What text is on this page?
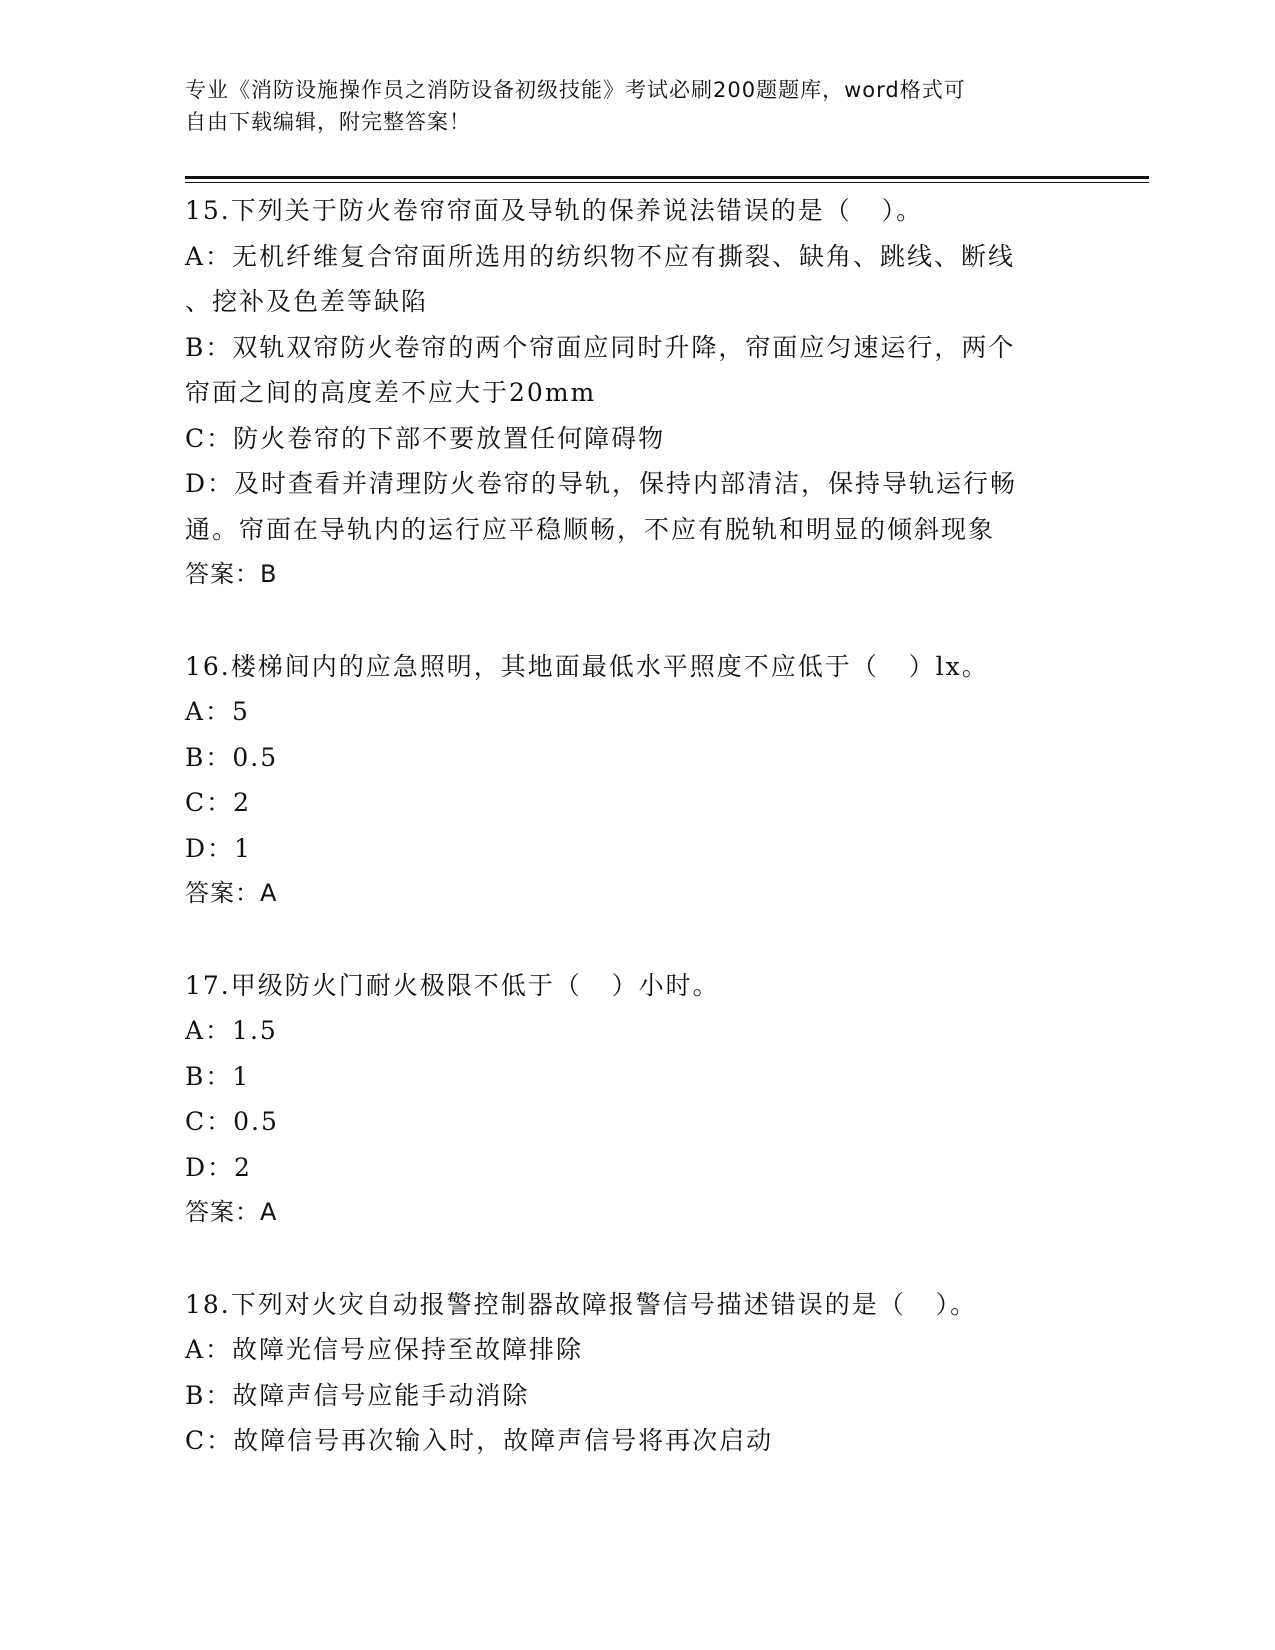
专业《消防设施操作员之消防设备初级技能》考试必刷200题题库，word格式可
自由下载编辑，附完整答案！
15.下列关于防火卷帘帘面及导轨的保养说法错误的是（   ）。
A：无机纤维复合帘面所选用的纺织物不应有撕裂、缺角、跳线、断线
、挖补及色差等缺陷
B：双轨双帘防火卷帘的两个帘面应同时升降，帘面应匀速运行，两个
帘面之间的高度差不应大于20mm
C：防火卷帘的下部不要放置任何障碍物
D：及时查看并清理防火卷帘的导轨，保持内部清洁，保持导轨运行畅
通。帘面在导轨内的运行应平稳顺畅，不应有脱轨和明显的倾斜现象
答案：B
16.楼梯间内的应急照明，其地面最低水平照度不应低于（   ）lx。
A：5
B：0.5
C：2
D：1
答案：A
17.甲级防火门耐火极限不低于（   ）小时。
A：1.5
B：1
C：0.5
D：2
答案：A
18.下列对火灾自动报警控制器故障报警信号描述错误的是（   ）。
A：故障光信号应保持至故障排除
B：故障声信号应能手动消除
C：故障信号再次输入时，故障声信号将再次启动
